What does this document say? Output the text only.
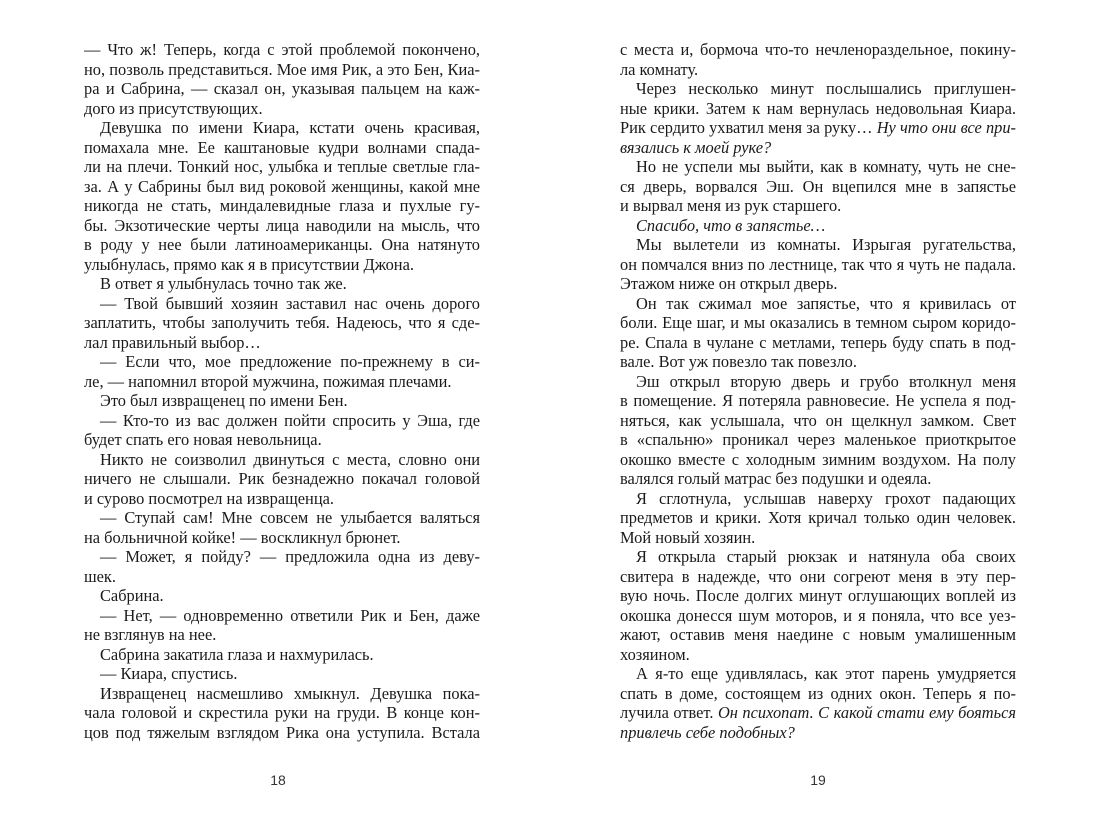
— Что ж! Теперь, когда с этой проблемой покончено,
но, позволь представиться. Мое имя Рик, а это Бен, Киа-
ра и Сабрина, — сказал он, указывая пальцем на каж-
дого из присутствующих.
Девушка по имени Киара, кстати очень красивая,
помахала мне. Ее каштановые кудри волнами спада-
ли на плечи. Тонкий нос, улыбка и теплые светлые гла-
за. А у Сабрины был вид роковой женщины, какой мне
никогда не стать, миндалевидные глаза и пухлые гу-
бы. Экзотические черты лица наводили на мысль, что
в роду у нее были латиноамериканцы. Она натянуто
улыбнулась, прямо как я в присутствии Джона.
В ответ я улыбнулась точно так же.
— Твой бывший хозяин заставил нас очень дорого
заплатить, чтобы заполучить тебя. Надеюсь, что я сде-
лал правильный выбор…
— Если что, мое предложение по-прежнему в си-
ле, — напомнил второй мужчина, пожимая плечами.
Это был извращенец по имени Бен.
— Кто-то из вас должен пойти спросить у Эша, где
будет спать его новая невольница.
Никто не соизволил двинуться с места, словно они
ничего не слышали. Рик безнадежно покачал головой
и сурово посмотрел на извращенца.
— Ступай сам! Мне совсем не улыбается валяться
на больничной койке! — воскликнул брюнет.
— Может, я пойду? — предложила одна из деву-
шек.
Сабрина.
— Нет, — одновременно ответили Рик и Бен, даже
не взглянув на нее.
Сабрина закатила глаза и нахмурилась.
— Киара, спустись.
Извращенец насмешливо хмыкнул. Девушка пока-
чала головой и скрестила руки на груди. В конце кон-
цов под тяжелым взглядом Рика она уступила. Встала
с места и, бормоча что-то нечленораздельное, покину-
ла комнату.
Через несколько минут послышались приглушен-
ные крики. Затем к нам вернулась недовольная Киара.
Рик сердито ухватил меня за руку… Ну что они все при-
вязались к моей руке?
Но не успели мы выйти, как в комнату, чуть не сне-
ся дверь, ворвался Эш. Он вцепился мне в запястье
и вырвал меня из рук старшего.
Спасибо, что в запястье…
Мы вылетели из комнаты. Изрыгая ругательства,
он помчался вниз по лестнице, так что я чуть не падала.
Этажом ниже он открыл дверь.
Он так сжимал мое запястье, что я кривилась от
боли. Еще шаг, и мы оказались в темном сыром коридо-
ре. Спала в чулане с метлами, теперь буду спать в под-
вале. Вот уж повезло так повезло.
Эш открыл вторую дверь и грубо втолкнул меня
в помещение. Я потеряла равновесие. Не успела я под-
няться, как услышала, что он щелкнул замком. Свет
в «спальню» проникал через маленькое приоткрытое
окошко вместе с холодным зимним воздухом. На полу
валялся голый матрас без подушки и одеяла.
Я сглотнула, услышав наверху грохот падающих
предметов и крики. Хотя кричал только один человек.
Мой новый хозяин.
Я открыла старый рюкзак и натянула оба своих
свитера в надежде, что они согреют меня в эту пер-
вую ночь. После долгих минут оглушающих воплей из
окошка донесся шум моторов, и я поняла, что все уез-
жают, оставив меня наедине с новым умалишенным
хозяином.
А я-то еще удивлялась, как этот парень умудряется
спать в доме, состоящем из одних окон. Теперь я по-
лучила ответ. Он психопат. С какой стати ему бояться
привлечь себе подобных?
18	19
